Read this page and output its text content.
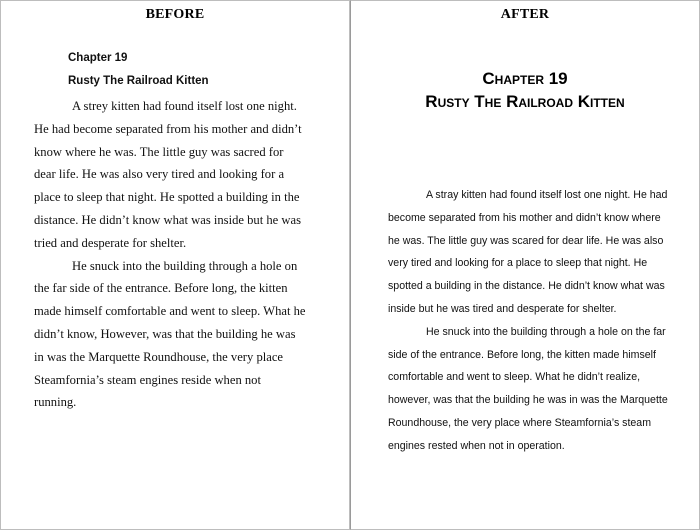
BEFORE
Chapter 19
Rusty The Railroad Kitten

A strey kitten had found itself lost one night. He had become separated from his mother and didn’t know where he was. The little guy was sacred for dear life. He was also very tired and looking for a place to sleep that night. He spotted a building in the distance. He didn’t know what was inside but he was tried and desperate for shelter.

He snuck into the building through a hole on the far side of the entrance. Before long, the kitten made himself comfortable and went to sleep. What he didn’t know, However, was that the building he was in was the Marquette Roundhouse, the very place Steamfornia’s steam engines reside when not running.

AFTER
Chapter 19
Rusty The Railroad Kitten

A stray kitten had found itself lost one night. He had become separated from his mother and didn’t know where he was. The little guy was scared for dear life. He was also very tired and looking for a place to sleep that night. He spotted a building in the distance. He didn’t know what was inside but he was tired and desperate for shelter.

He snuck into the building through a hole on the far side of the entrance. Before long, the kitten made himself comfortable and went to sleep. What he didn’t realize, however, was that the building he was in was the Marquette Roundhouse, the very place where Steamfornia’s steam engines rested when not in operation.
